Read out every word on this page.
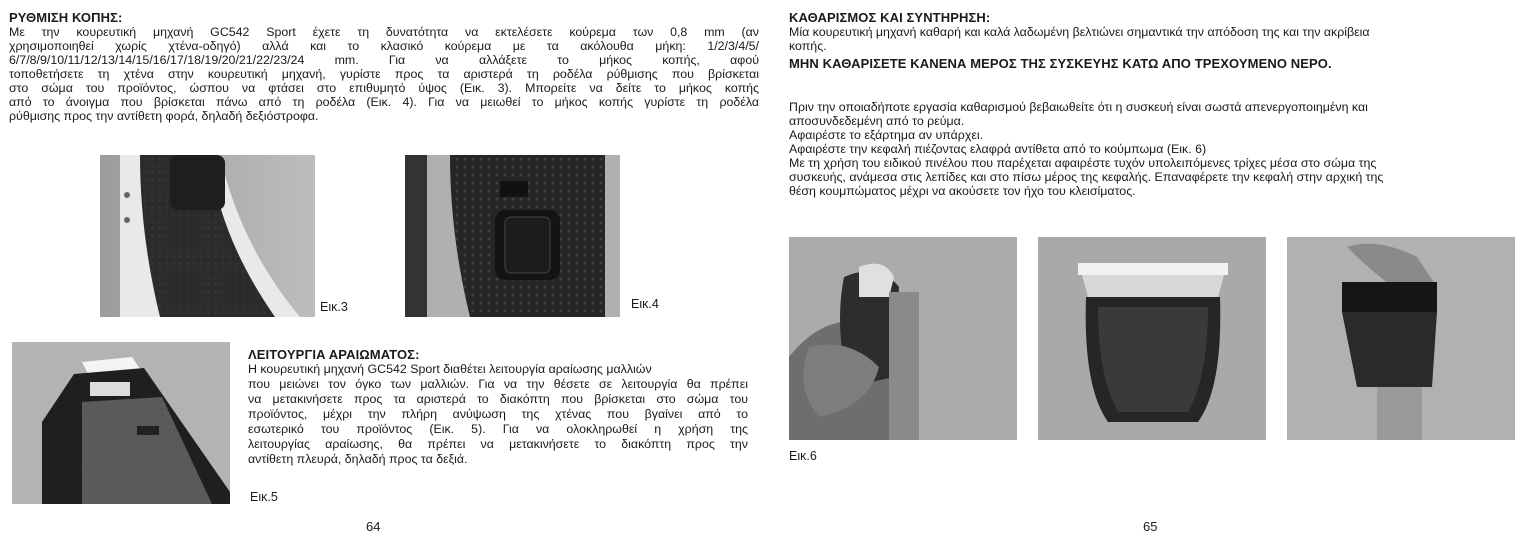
ΡΥΘΜΙΣΗ ΚΟΠΗΣ:
Με την κουρευτική μηχανή GC542 Sport έχετε τη δυνατότητα να εκτελέσετε κούρεμα των 0,8 mm (αν
χρησιμοποιηθεί χωρίς χτένα-οδηγό) αλλά και το κλασικό κούρεμα με τα ακόλουθα μήκη: 1/2/3/4/5/
6/7/8/9/10/11/12/13/14/15/16/17/18/19/20/21/22/23/24 mm. Για να αλλάξετε το μήκος κοπής, αφού
τοποθετήσετε τη χτένα στην κουρευτική μηχανή, γυρίστε προς τα αριστερά τη ροδέλα ρύθμισης που βρίσκεται
στο σώμα του προϊόντος, ώσπου να φτάσει στο επιθυμητό ύψος (Εικ. 3). Μπορείτε να δείτε το μήκος κοπής
από το άνοιγμα που βρίσκεται πάνω από τη ροδέλα (Εικ. 4). Για να μειωθεί το μήκος κοπής γυρίστε τη ροδέλα
ρύθμισης προς την αντίθετη φορά, δηλαδή δεξιόστροφα.
Εικ.3	Εικ.4
Εικ.5
ΛΕΙΤΟΥΡΓΙΑ ΑΡΑΙΩΜΑΤΟΣ:
Η κουρευτική μηχανή GC542 Sport διαθέτει λειτουργία αραίωσης μαλλιών
που μειώνει τον όγκο των μαλλιών. Για να την θέσετε σε λειτουργία θα πρέπει
να μετακινήσετε προς τα αριστερά το διακόπτη που βρίσκεται στο σώμα του
προϊόντος, μέχρι την πλήρη ανύψωση της χτένας που βγαίνει από το
εσωτερικό του προϊόντος (Εικ. 5). Για να ολοκληρωθεί η χρήση της
λειτουργίας αραίωσης, θα πρέπει να μετακινήσετε το διακόπτη προς την
αντίθετη πλευρά, δηλαδή προς τα δεξιά.
64
ΚΑΘΑΡΙΣΜΟΣ ΚΑΙ ΣΥΝΤΗΡΗΣΗ:
Μία κουρευτική μηχανή καθαρή και καλά λαδωμένη βελτιώνει σημαντικά την απόδοση της και την ακρίβεια
κοπής.
ΜΗΝ ΚΑΘΑΡΙΣΕΤΕ ΚΑΝΕΝΑ ΜΕΡΟΣ ΤΗΣ ΣΥΣΚΕΥΗΣ ΚΑΤΩ ΑΠΟ ΤΡΕΧΟΥΜΕΝΟ ΝΕΡΟ.
Πριν την οποιαδήποτε εργασία καθαρισμού βεβαιωθείτε ότι η συσκευή είναι σωστά απενεργοποιημένη και
αποσυνδεδεμένη από το ρεύμα.
Αφαιρέστε το εξάρτημα αν υπάρχει.
Αφαιρέστε την κεφαλή πιέζοντας ελαφρά αντίθετα από το κούμπωμα (Εικ. 6)
Με τη χρήση του ειδικού πινέλου που παρέχεται αφαιρέστε τυχόν υπολειπόμενες τρίχες μέσα στο σώμα της
συσκευής, ανάμεσα στις λεπίδες και στο πίσω μέρος της κεφαλής. Επαναφέρετε την κεφαλή στην αρχική της
θέση κουμπώματος μέχρι να ακούσετε τον ήχο του κλεισίματος.
Εικ.6
65
